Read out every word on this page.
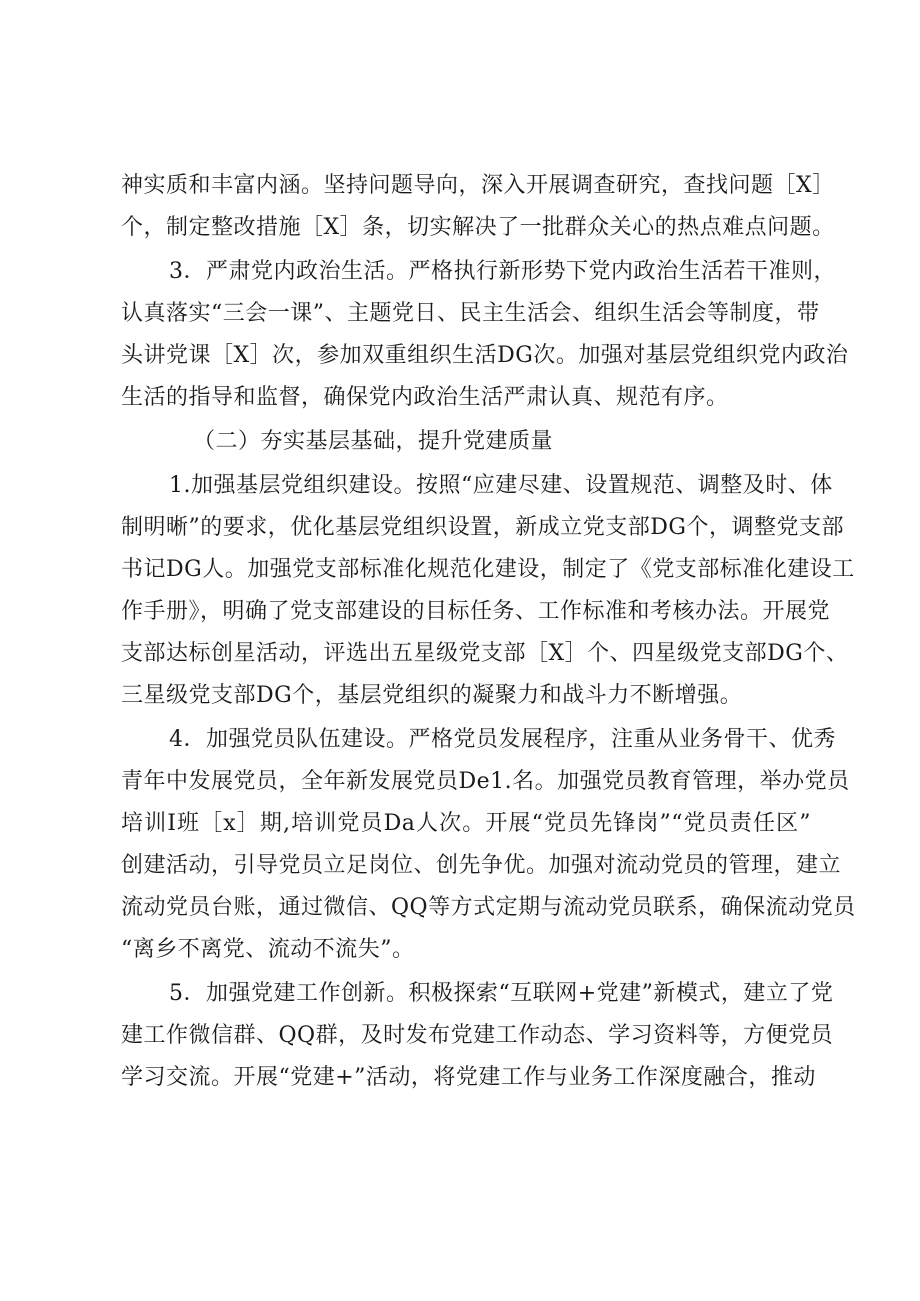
神实质和丰富内涵。坚持问题导向，深入开展调查研究，查找问题［X］
个，制定整改措施［X］条，切实解决了一批群众关心的热点难点问题。
3．严肃党内政治生活。严格执行新形势下党内政治生活若干准则，
认真落实“三会一课”、主题党日、民主生活会、组织生活会等制度，带
头讲党课［X］次，参加双重组织生活DG次。加强对基层党组织党内政治
生活的指导和监督，确保党内政治生活严肃认真、规范有序。
（二）夯实基层基础，提升党建质量
1.加强基层党组织建设。按照“应建尽建、设置规范、调整及时、体
制明晰”的要求，优化基层党组织设置，新成立党支部DG个，调整党支部
书记DG人。加强党支部标准化规范化建设，制定了《党支部标准化建设工
作手册》，明确了党支部建设的目标任务、工作标准和考核办法。开展党
支部达标创星活动，评选出五星级党支部［X］个、四星级党支部DG个、
三星级党支部DG个，基层党组织的凝聚力和战斗力不断增强。
4．加强党员队伍建设。严格党员发展程序，注重从业务骨干、优秀
青年中发展党员，全年新发展党员De1.名。加强党员教育管理，举办党员
培训I班［x］期,培训党员Da人次。开展“党员先锋岗”“党员责任区”
创建活动，引导党员立足岗位、创先争优。加强对流动党员的管理，建立
流动党员台账，通过微信、QQ等方式定期与流动党员联系，确保流动党员
“离乡不离党、流动不流失”。
5．加强党建工作创新。积极探索“互联网+党建”新模式，建立了党
建工作微信群、QQ群，及时发布党建工作动态、学习资料等，方便党员
学习交流。开展“党建+”活动，将党建工作与业务工作深度融合，推动
